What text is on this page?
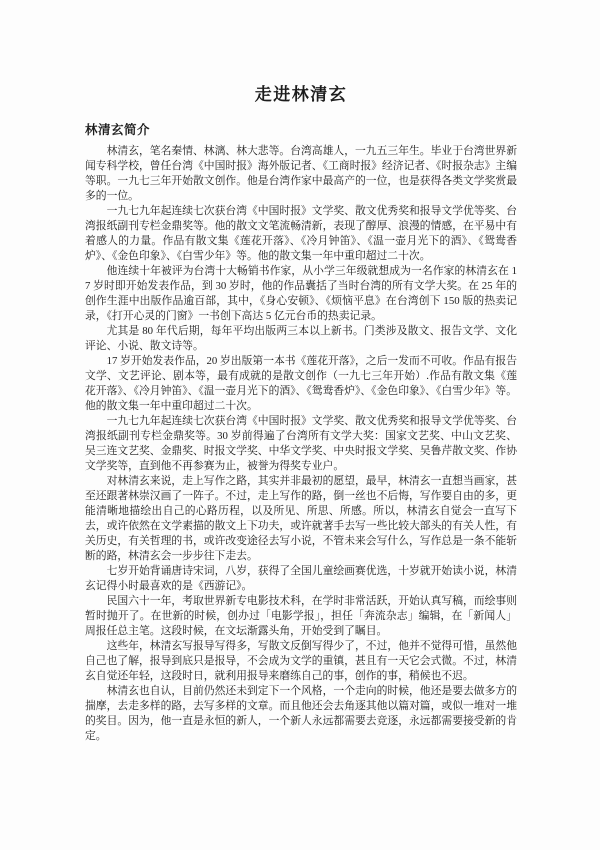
走进林清玄
林清玄简介

林清玄，笔名秦情、林漓、林大悲等。台湾高雄人，一九五三年生。毕业于台湾世界新闻专科学校，曾任台湾《中国时报》海外版记者、《工商时报》经济记者、《时报杂志》主编等职。一九七三年开始散文创作。他是台湾作家中最高产的一位，也是获得各类文学奖赏最多的一位。

一九七九年起连续七次获台湾《中国时报》文学奖、散文优秀奖和报导文学优等奖、台湾报纸副刊专栏金鼎奖等。他的散文文笔流畅清新，表现了醇厚、浪漫的情感，在平易中有着感人的力量。作品有散文集《莲花开落》、《冷月钟笛》、《温一壶月光下的酒》、《鸳鸯香炉》、《金色印象》、《白雪少年》等。他的散文集一年中重印超过二十次。

他连续十年被评为台湾十大畅销书作家，从小学三年级就想成为一名作家的林清玄在 17 岁时即开始发表作品，到 30 岁时，他的作品囊括了当时台湾的所有文学大奖。在 25 年的创作生涯中出版作品逾百部，其中，《身心安顿》、《烦恼平息》在台湾创下 150 版的热卖记录，《打开心灵的门窗》一书创下高达 5 亿元台币的热卖记录。

尤其是 80 年代后期，每年平均出版两三本以上新书。门类涉及散文、报告文学、文化评论、小说、散文诗等。

17 岁开始发表作品，20 岁出版第一本书《莲花开落》，之后一发而不可收。作品有报告文学、文艺评论、剧本等，最有成就的是散文创作（一九七三年开始）.作品有散文集《莲花开落》、《冷月钟笛》、《温一壶月光下的酒》、《鸳鸯香炉》、《金色印象》、《白雪少年》等。他的散文集一年中重印超过二十次。

一九七九年起连续七次获台湾《中国时报》文学奖、散文优秀奖和报导文学优等奖、台湾报纸副刊专栏金鼎奖等。30 岁前得遍了台湾所有文学大奖：国家文艺奖、中山文艺奖、吴三连文艺奖、金鼎奖、时报文学奖、中华文学奖、中央时报文学奖、吴鲁芹散文奖、作协文学奖等，直到他不再参赛为止，被誉为得奖专业户。

对林清玄来说，走上写作之路，其实并非最初的愿望，最早，林清玄一直想当画家，甚至还跟著林崇汉画了一阵子。不过，走上写作的路，倒一丝也不后悔，写作要自由的多，更能清晰地描绘出自己的心路历程，以及所见、所思、所感。所以，林清玄自觉会一直写下去，或许依然在文学素描的散文上下功夫，或许就著手去写一些比较大部头的有关人性，有关历史，有关哲理的书，或许改变途径去写小说，不管未来会写什么，写作总是一条不能斩断的路，林清玄会一步步往下走去。

七岁开始背诵唐诗宋词，八岁，获得了全国儿童绘画赛优选，十岁就开始读小说，林清玄记得小时最喜欢的是《西游记》。

民国六十一年，考取世界新专电影技术科，在学时非常活跃，开始认真写稿，而绘事则暂时抛开了。在世新的时候，创办过「电影学报」，担任「奔流杂志」编辑，在「新闻人」周报任总主笔。这段时候，在文坛渐露头角，开始受到了瞩目。

这些年，林清玄写报导写得多，写散文反倒写得少了，不过，他并不觉得可惜，虽然他自己也了解，报导到底只是报导，不会成为文学的重镇，甚且有一天它会式微。不过，林清玄自觉还年轻，这段时日，就利用报导来磨练自己的事，创作的事，稍候也不迟。

林清玄也自认，目前仍然还未到定下一个风格，一个走向的时候，他还是要去做多方的揣摩，去走多样的路，去写多样的文章。而且他还会去角逐其他以篇对篇，或似一堆对一堆的奖目。因为，他一直是永恒的新人，一个新人永远都需要去竞逐，永远都需要接受新的肯定。
